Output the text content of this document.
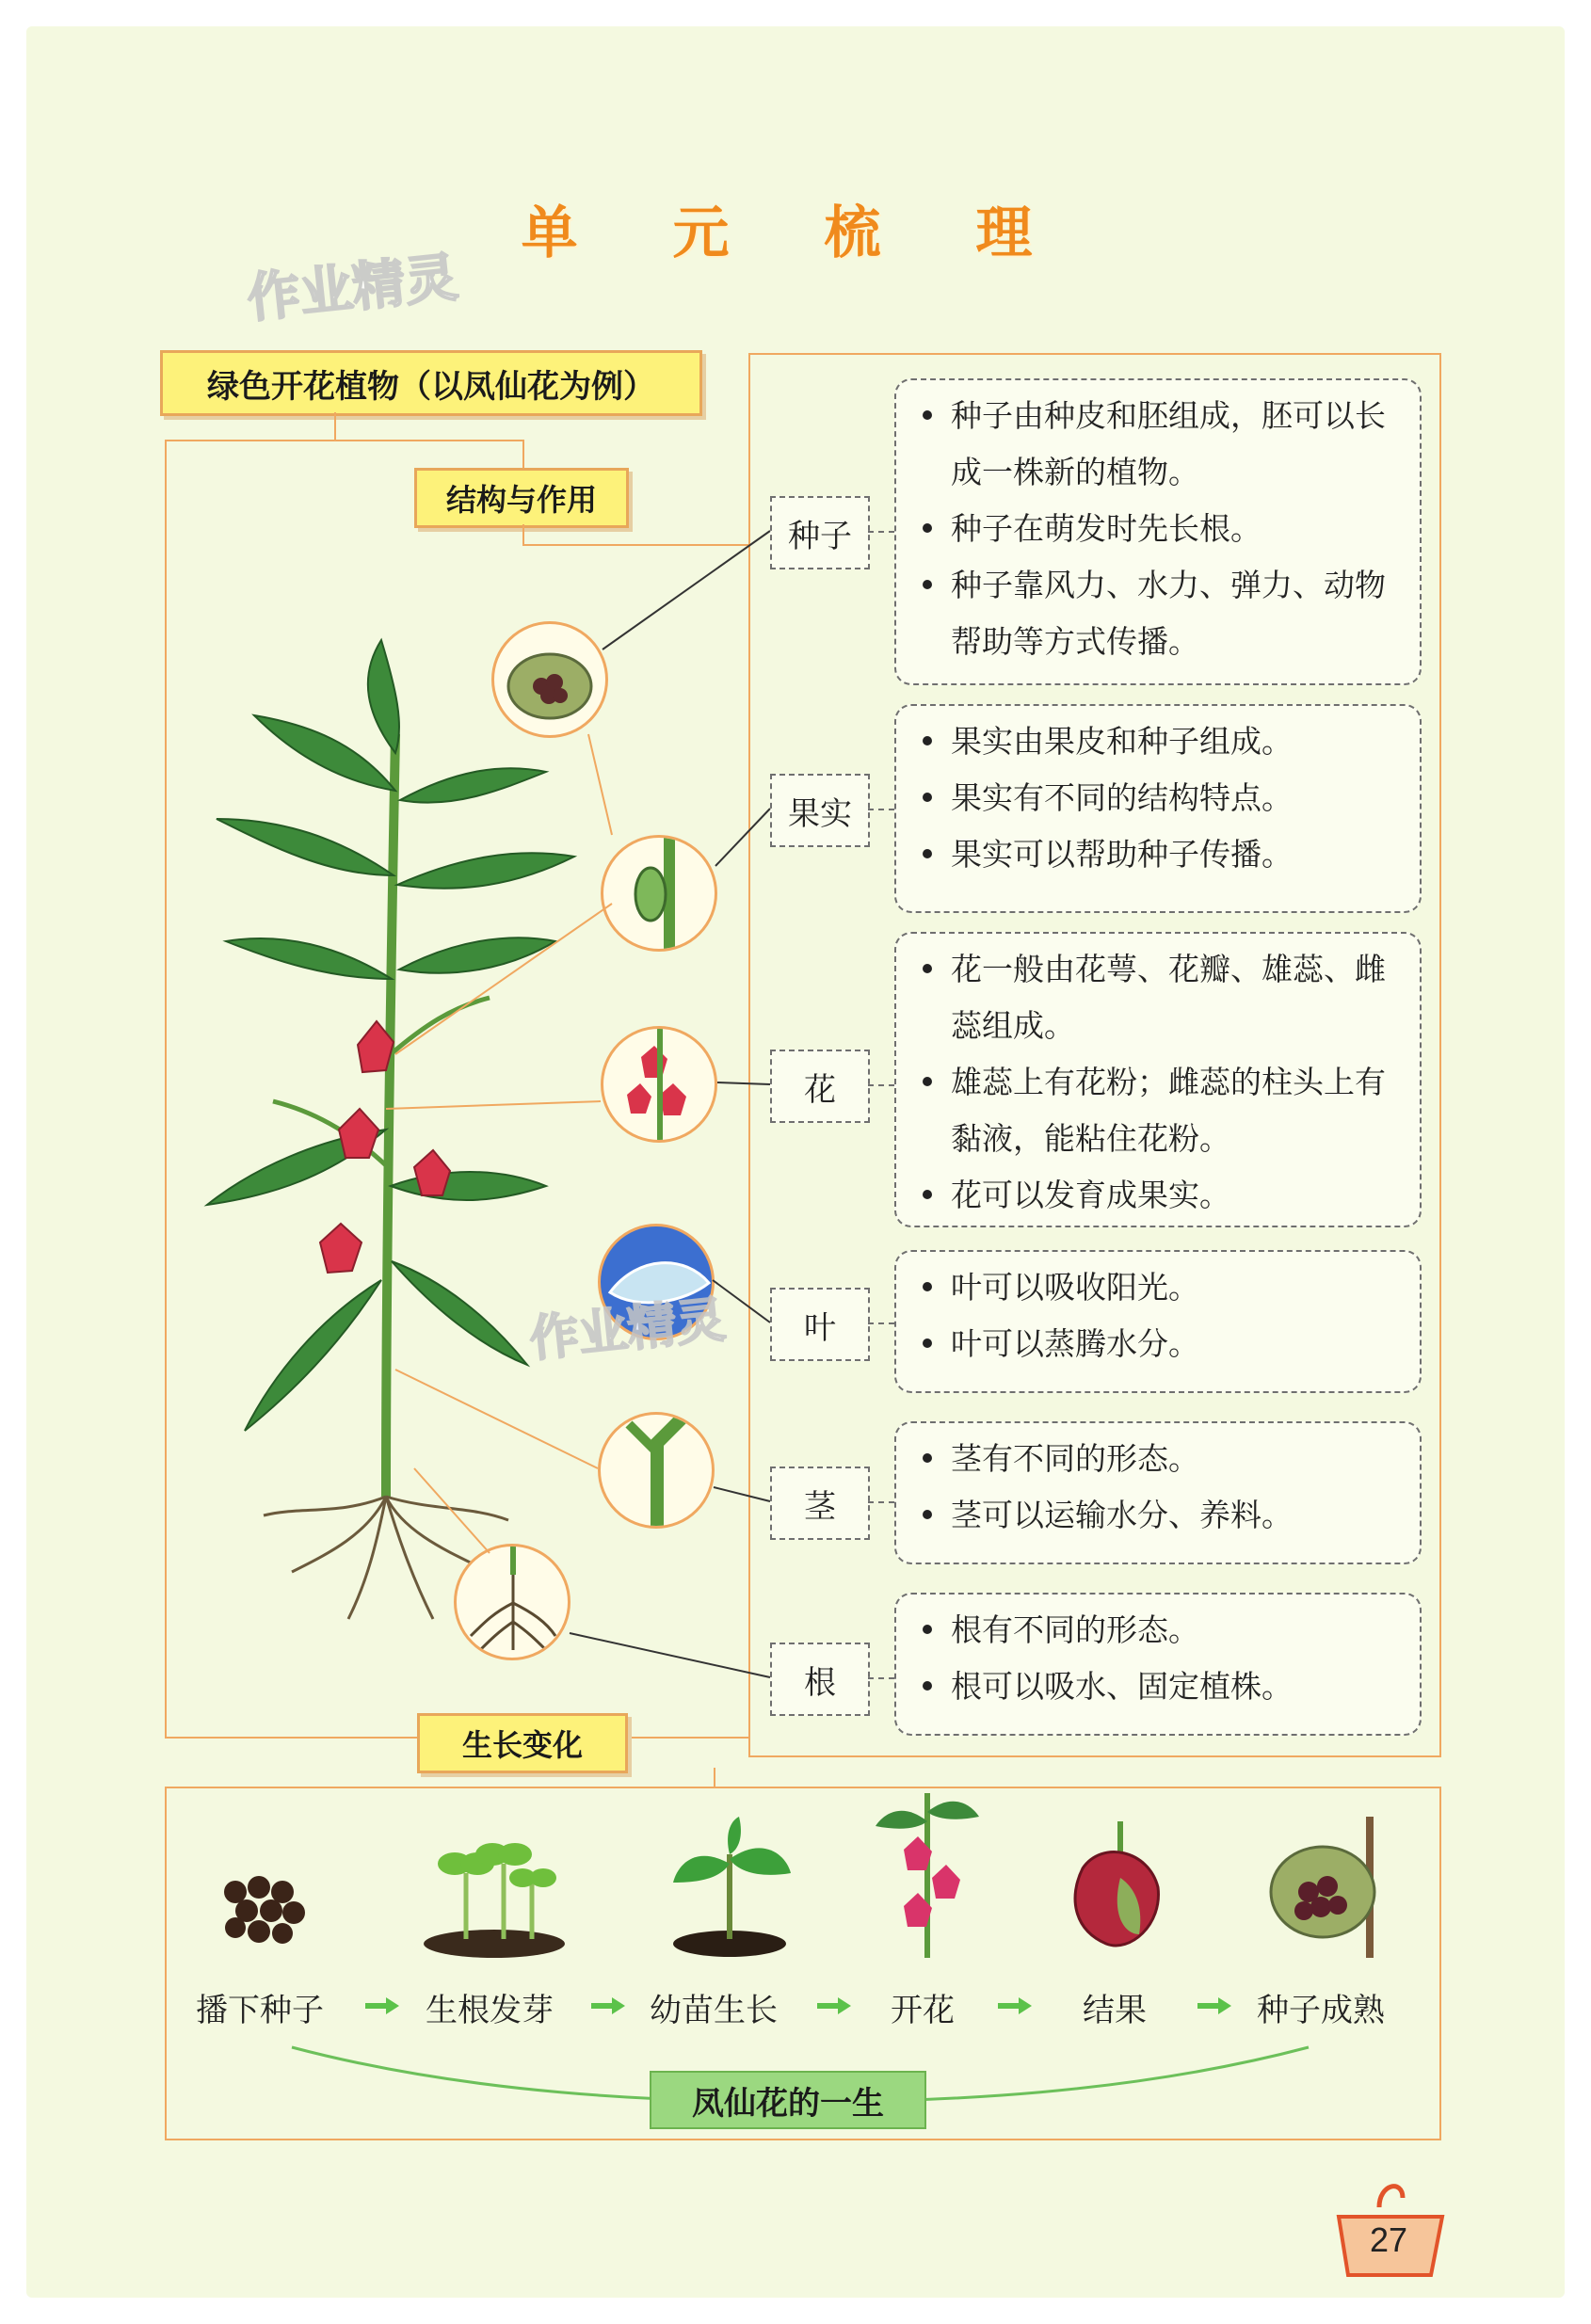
单 元 梳 理
作业精灵
绿色开花植物（以凤仙花为例）
结构与作用
生长变化
种子
果实
花
叶
茎
根
种子由种皮和胚组成，胚可以长成一株新的植物。
种子在萌发时先长根。
种子靠风力、水力、弹力、动物帮助等方式传播。
果实由果皮和种子组成。
果实有不同的结构特点。
果实可以帮助种子传播。
花一般由花萼、花瓣、雄蕊、雌蕊组成。
雄蕊上有花粉；雌蕊的柱头上有黏液，能粘住花粉。
花可以发育成果实。
叶可以吸收阳光。
叶可以蒸腾水分。
茎有不同的形态。
茎可以运输水分、养料。
根有不同的形态。
根可以吸水、固定植株。
作业精灵
播下种子	生根发芽	幼苗生长	开花	结果	种子成熟
凤仙花的一生
27
